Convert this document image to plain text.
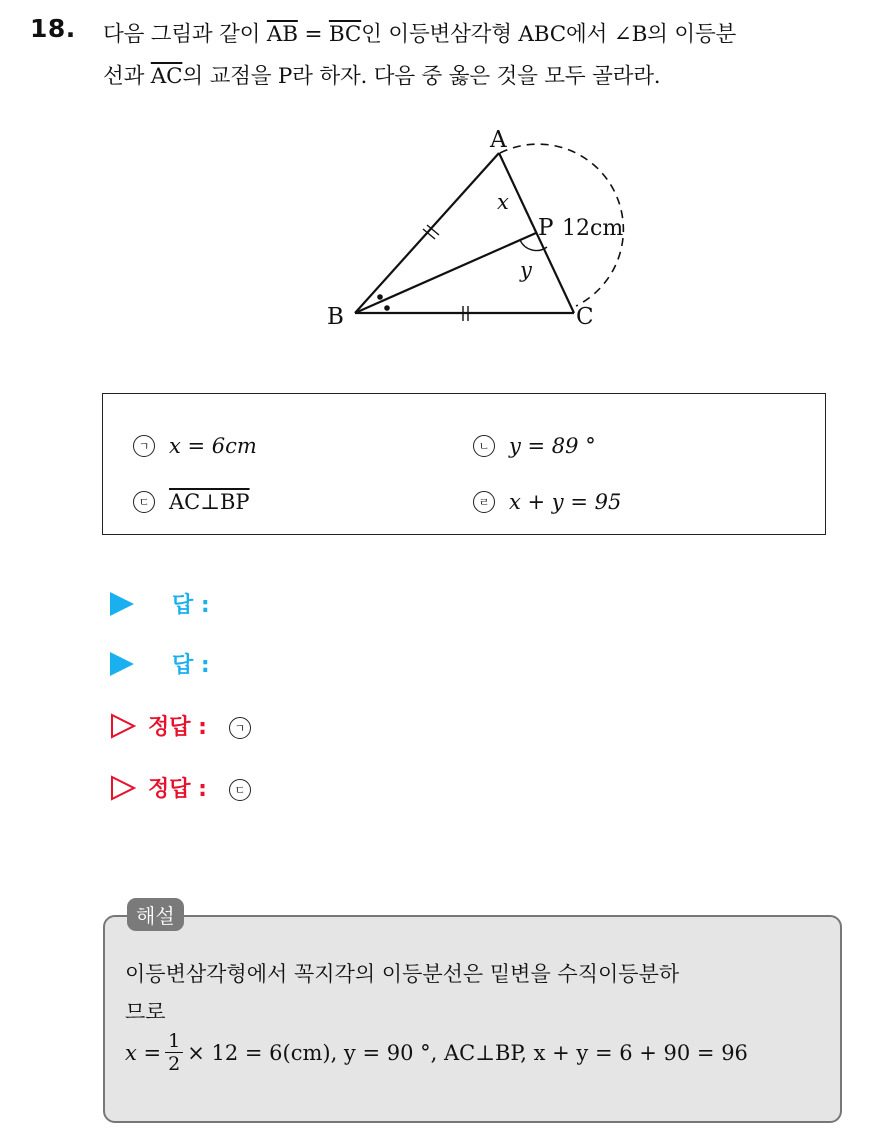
18. 다음 그림과 같이 $\overline{AB} = \overline{BC}$인 이등변삼각형 ABC에서 ∠B의 이등분
선과 $\overline{AC}$의 교점을 P라 하자. 다음 중 옳은 것을 모두 골라라.
A
B	C
P
x
y
12cm
ㄱ x = 6cm	ㄴ y = 89 °
ㄷ AC⊥BP	ㄹ x + y = 95
답 :
답 :
정답 :	ㄱ
정답 :	ㄷ
해설
이등변삼각형에서 꼭지각의 이등분선은 밑변을 수직이등분하
므로
$x = \frac{1}{2} \times 12 = 6(cm)$, y = 90 °, AC⊥BP, x + y = 6 + 90 = 96
